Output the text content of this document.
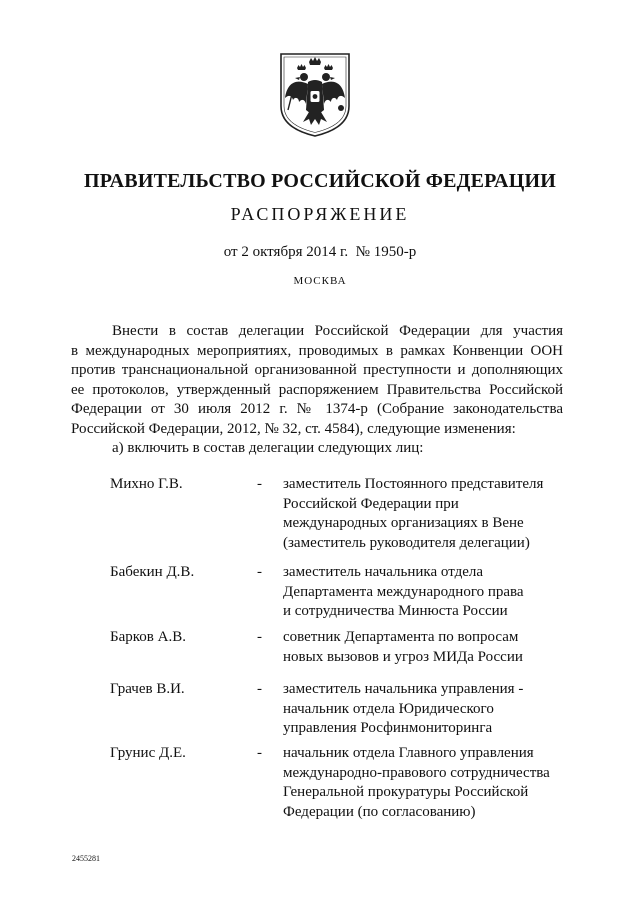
ПРАВИТЕЛЬСТВО РОССИЙСКОЙ ФЕДЕРАЦИИ
РАСПОРЯЖЕНИЕ
от 2 октября 2014 г.  № 1950-р
МОСКВА
Внести в состав делегации Российской Федерации для участия
в международных мероприятиях, проводимых в рамках Конвенции ООН
против транснациональной организованной преступности и дополняющих
ее протоколов, утвержденный распоряжением Правительства Российской
Федерации от 30 июля 2012 г. № 1374-р (Собрание законодательства
Российской Федерации, 2012, № 32, ст. 4584), следующие изменения:
а) включить в состав делегации следующих лиц:
Михно Г.В.	- заместитель Постоянного представителя
Российской Федерации при
международных организациях в Вене
(заместитель руководителя делегации)
Бабекин Д.В.	- заместитель начальника отдела
Департамента международного права
и сотрудничества Минюста России
Барков А.В.	- советник Департамента по вопросам
новых вызовов и угроз МИДа России
Грачев В.И.	- заместитель начальника управления -
начальник отдела Юридического
управления Росфинмониторинга
Грунис Д.Е.	- начальник отдела Главного управления
международно-правового сотрудничества
Генеральной прокуратуры Российской
Федерации (по согласованию)
2455281
